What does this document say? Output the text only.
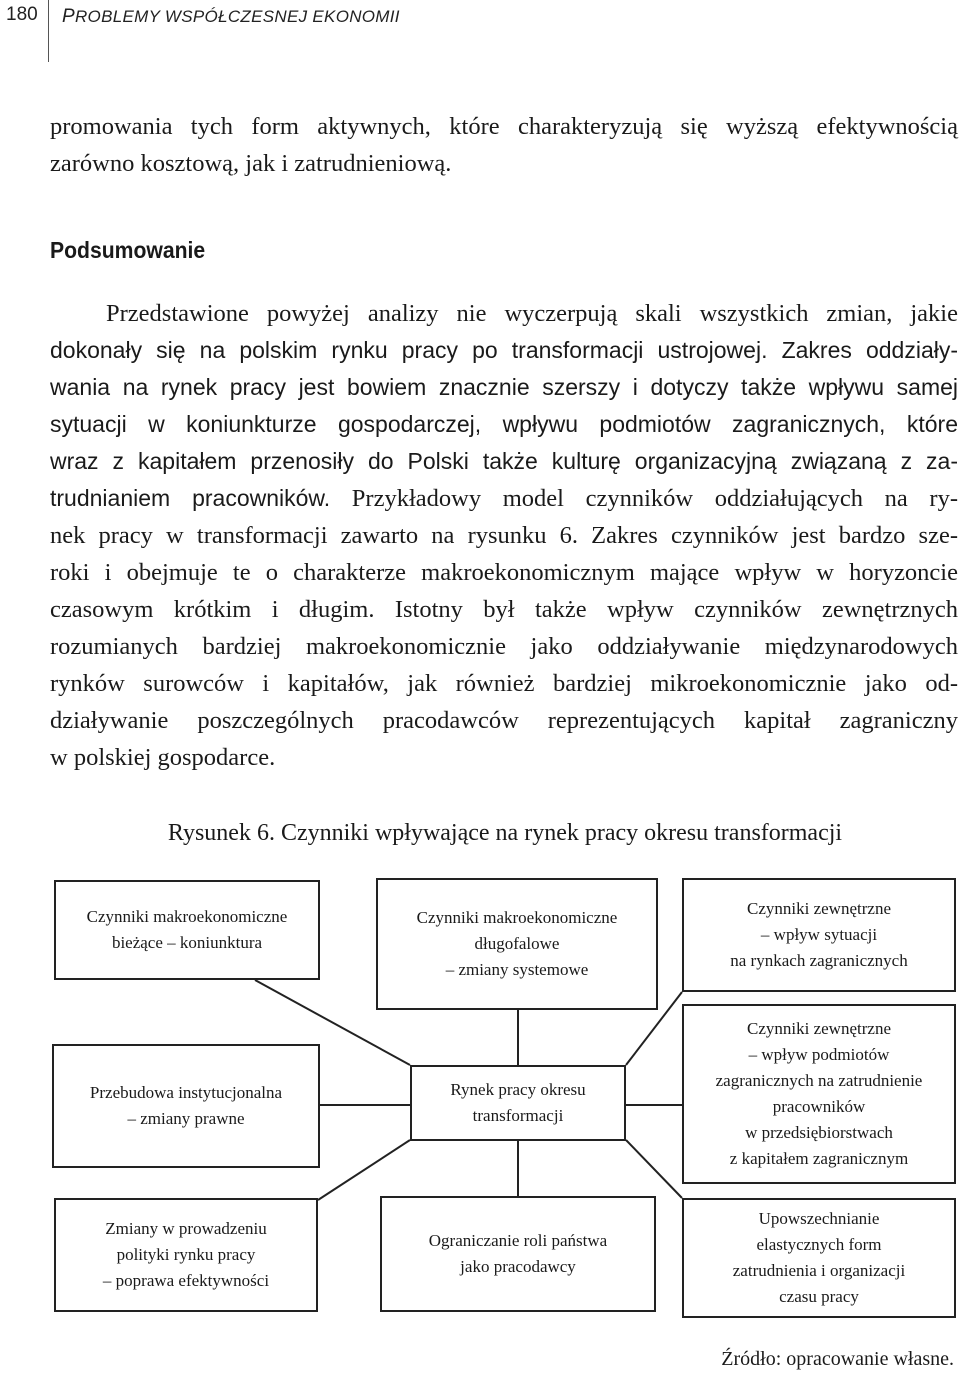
180 PROBLEMY WSPÓŁCZESNEJ EKONOMII

promowania tych form aktywnych, które charakteryzują się wyższą efektywnością
zarówno kosztową, jak i zatrudnieniową.

Podsumowanie
Przedstawione powyżej analizy nie wyczerpują skali wszystkich zmian, jakie
dokonały się na polskim rynku pracy po transformacji ustrojowej. Zakres oddziały-
wania na rynek pracy jest bowiem znacznie szerszy i dotyczy także wpływu samej
sytuacji w koniunkturze gospodarczej, wpływu podmiotów zagranicznych, które
wraz z kapitałem przenosiły do Polski także kulturę organizacyjną związaną z za-
trudnianiem pracowników. Przykładowy model czynników oddziałujących na ry-
nek pracy w transformacji zawarto na rysunku 6. Zakres czynników jest bardzo sze-
roki i obejmuje te o charakterze makroekonomicznym mające wpływ w horyzoncie
czasowym krótkim i długim. Istotny był także wpływ czynników zewnętrznych
rozumianych bardziej makroekonomicznie jako oddziaływanie międzynarodowych
rynków surowców i kapitałów, jak również bardziej mikroekonomicznie jako od-
działywanie poszczególnych pracodawców reprezentujących kapitał zagraniczny
w polskiej gospodarce.

Rysunek 6. Czynniki wpływające na rynek pracy okresu transformacji

Czynniki makroekonomiczne
bieżące – koniunktura
Czynniki makroekonomiczne
długofalowe
– zmiany systemowe
Czynniki zewnętrzne
– wpływ sytuacji
na rynkach zagranicznych
Przebudowa instytucjonalna
– zmiany prawne
Rynek pracy okresu
transformacji
Czynniki zewnętrzne
– wpływ podmiotów
zagranicznych na zatrudnienie
pracowników
w przedsiębiorstwach
z kapitałem zagranicznym
Zmiany w prowadzeniu
polityki rynku pracy
– poprawa efektywności
Ograniczanie roli państwa
jako pracodawcy
Upowszechnianie
elastycznych form
zatrudnienia i organizacji
czasu pracy

Źródło: opracowanie własne.
